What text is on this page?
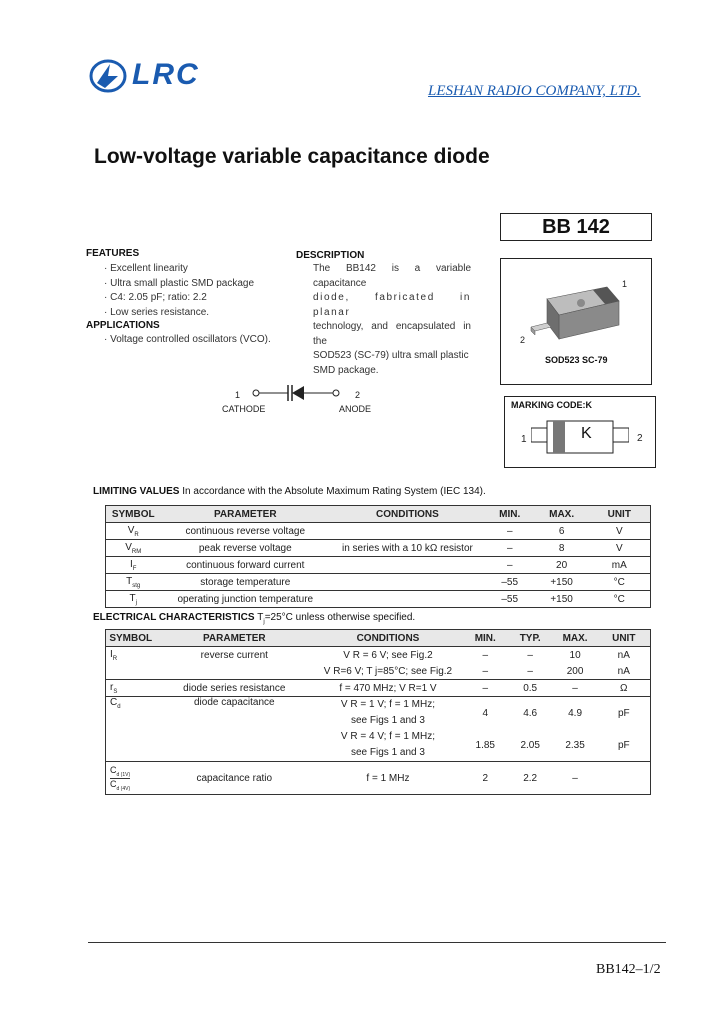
LRC	LESHAN RADIO COMPANY, LTD.
Low-voltage variable capacitance diode
BB 142
FEATURES
· Excellent linearity
· Ultra small plastic SMD package
· C4: 2.05 pF; ratio: 2.2
· Low series resistance.
APPLICATIONS
· Voltage controlled oscillators (VCO).
DESCRIPTION
The BB142 is a variable capacitance
diode, fabricated in planar
technology, and encapsulated in the
SOD523 (SC-79) ultra small plastic
SMD package.
1	2
CATHODE	ANODE
1
2
SOD523 SC-79
MARKING CODE:K
K
1	2
LIMITING VALUES In accordance with the Absolute Maximum Rating System (IEC 134).
SYMBOL	PARAMETER	CONDITIONS	MIN.	MAX.	UNIT
$V_R$	continuous reverse voltage		–	6	V
$V_{RM}$	peak reverse voltage	in series with a 10 kΩ resistor	–	8	V
$I_F$	continuous forward current		–	20	mA
$T_{stg}$	storage temperature		–55	+150	°C
$T_j$	operating junction temperature		–55	+150	°C
ELECTRICAL CHARACTERISTICS $T_j=25^\circ C$ unless otherwise specified.
SYMBOL	PARAMETER	CONDITIONS	MIN.	TYP.	MAX.	UNIT
$I_R$	reverse current	V R = 6 V; see Fig.2	–	–	10	nA
		V R=6 V; T j=85°C; see Fig.2	–	–	200	nA
$r_S$	diode series resistance	f = 470 MHz; V R=1 V	–	0.5	–	Ω
$C_d$	diode capacitance	V R = 1 V; f = 1 MHz;
see Figs 1 and 3	4	4.6	4.9	pF

		V R = 4 V; f = 1 MHz;
see Figs 1 and 3	1.85	2.05	2.35	pF
$C_{d (1V)}$
$C_{d (4V)}$	capacitance ratio	f = 1 MHz	2	2.2	–	
BB142–1/2
